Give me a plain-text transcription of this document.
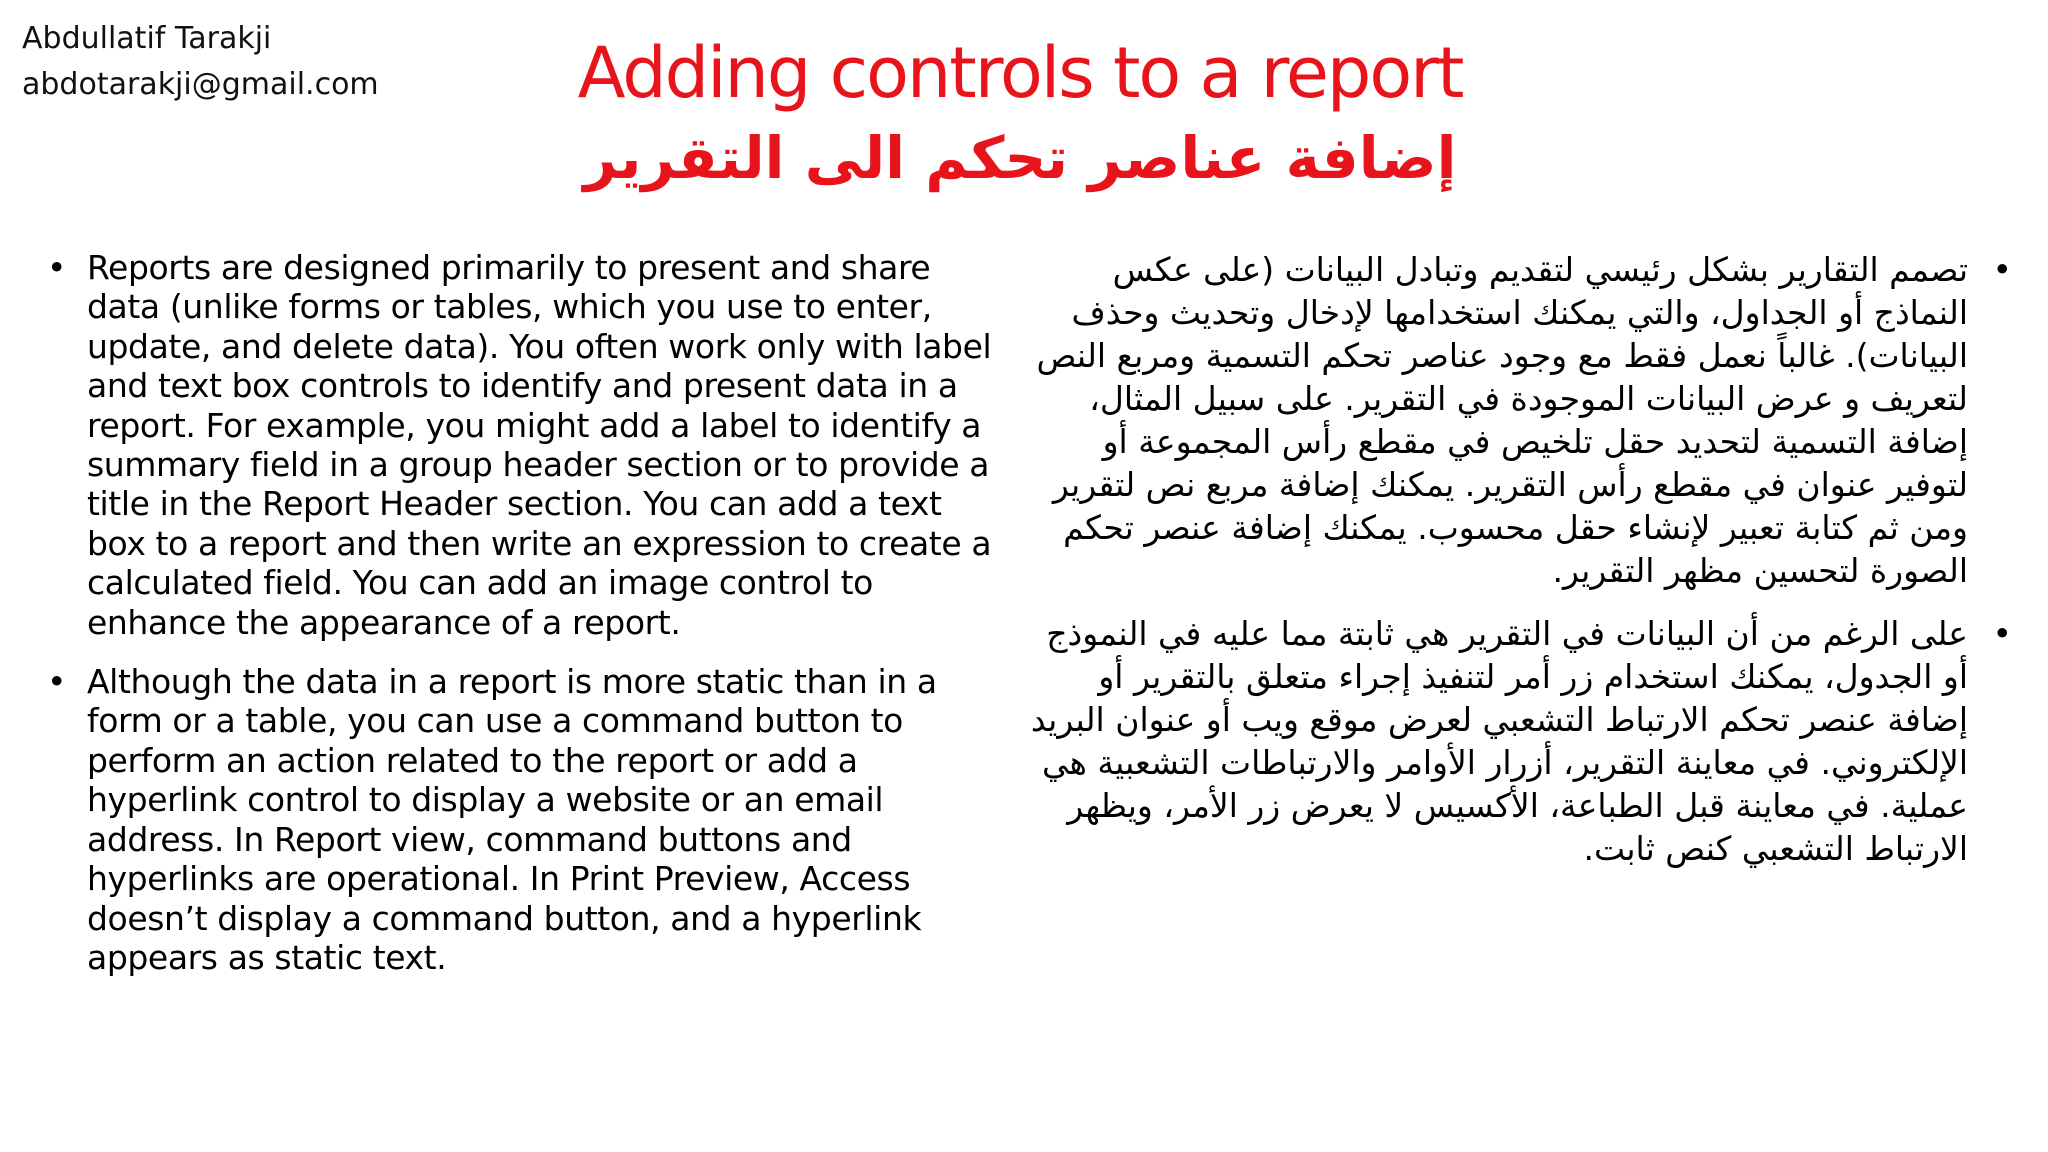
Abdullatif Tarakji
abdotarakji@gmail.com	Adding controls to a report
إضافة عناصر تحكم الى التقرير
• Reports are designed primarily to present and share data (unlike forms or tables, which you use to enter, update, and delete data). You often work only with label and text box controls to identify and present data in a report. For example, you might add a label to identify a summary field in a group header section or to provide a title in the Report Header section. You can add a text box to a report and then write an expression to create a calculated field. You can add an image control to enhance the appearance of a report.
• Although the data in a report is more static than in a form or a table, you can use a command button to perform an action related to the report or add a hyperlink control to display a website or an email address. In Report view, command buttons and hyperlinks are operational. In Print Preview, Access doesn’t display a command button, and a hyperlink appears as static text.
•
تصمم التقارير بشكل رئيسي لتقديم وتبادل البيانات (على عكس النماذج أو الجداول، والتي يمكنك استخدامها لإدخال وتحديث وحذف البيانات). غالباً نعمل فقط مع وجود عناصر تحكم التسمية ومربع النص لتعريف و عرض البيانات الموجودة في التقرير. على سبيل المثال، إضافة التسمية لتحديد حقل تلخيص في مقطع رأس المجموعة أو لتوفير عنوان في مقطع رأس التقرير. يمكنك إضافة مربع نص لتقرير ومن ثم كتابة تعبير لإنشاء حقل محسوب. يمكنك إضافة عنصر تحكم الصورة لتحسين مظهر التقرير.
•
على الرغم من أن البيانات في التقرير هي ثابتة مما عليه في النموذج أو الجدول، يمكنك استخدام زر أمر لتنفيذ إجراء متعلق بالتقرير أو إضافة عنصر تحكم الارتباط التشعبي لعرض موقع ويب أو عنوان البريد الإلكتروني. في معاينة التقرير، أزرار الأوامر والارتباطات التشعبية هي عملية. في معاينة قبل الطباعة، الأكسيس لا يعرض زر الأمر، ويظهر الارتباط التشعبي كنص ثابت.
